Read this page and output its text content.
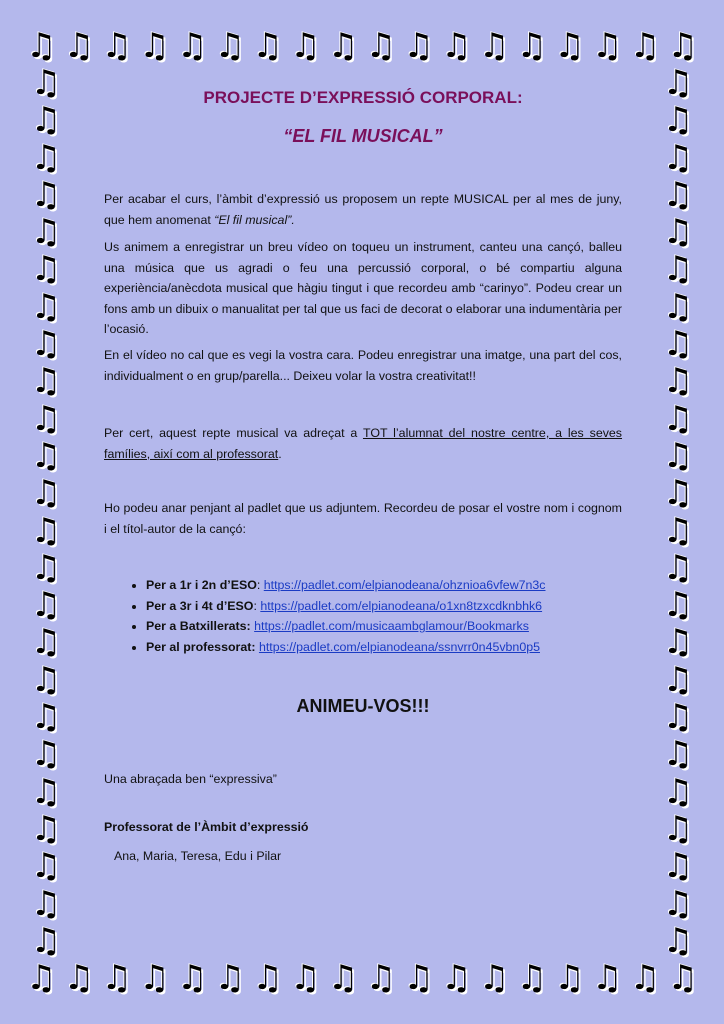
♫ ♫ ♫ ♫ ♫ ♫ ♫ ♫ ♫ ♫ ♫ ♫ ♫ ♫ ♫ ♫ ♫ ♫
♫ ♫ ♫ ♫ ♫ ♫ ♫ ♫ ♫ ♫ ♫ ♫ ♫ ♫ ♫ ♫ ♫ ♫
♫
♫
♫
♫
♫
♫
♫
♫
♫
♫
♫
♫
♫
♫
♫
♫
♫
♫
♫
♫
♫
♫
♫
♫
♫
♫
♫
♫
♫
♫
♫
♫
♫
♫
♫
♫
♫
♫
♫
♫
♫
♫
♫
♫
♫
♫
♫
♫
PROJECTE D’EXPRESSIÓ CORPORAL:
“EL FIL MUSICAL”
Per acabar el curs, l’àmbit d’expressió us proposem un repte MUSICAL per al mes de juny, que hem anomenat “El fil musical”.
Us animem a enregistrar un breu vídeo on toqueu un instrument, canteu una cançó, balleu una música que us agradi o feu una percussió corporal, o bé compartiu alguna experiència/anècdota musical que hàgiu tingut i que recordeu amb “carinyo”. Podeu crear un fons amb un dibuix o manualitat per tal que us faci de decorat o elaborar una indumentària per l’ocasió.
En el vídeo no cal que es vegi la vostra cara. Podeu enregistrar una imatge, una part del cos, individualment o en grup/parella... Deixeu volar la vostra creativitat!!
Per cert, aquest repte musical va adreçat a TOT l’alumnat del nostre centre, a les seves famílies, així com al professorat.
Ho podeu anar penjant al padlet que us adjuntem. Recordeu de posar el vostre nom i cognom i el títol-autor de la cançó:
• Per a 1r i 2n d’ESO: https://padlet.com/elpianodeana/ohznioa6vfew7n3c
• Per a 3r i 4t d’ESO: https://padlet.com/elpianodeana/o1xn8tzxcdknbhk6
• Per a Batxillerats: https://padlet.com/musicaambglamour/Bookmarks
• Per al professorat: https://padlet.com/elpianodeana/ssnvrr0n45vbn0p5
ANIMEU-VOS!!!
Una abraçada ben “expressiva”
Professorat de l’Àmbit d’expressió
Ana, Maria, Teresa, Edu i Pilar
